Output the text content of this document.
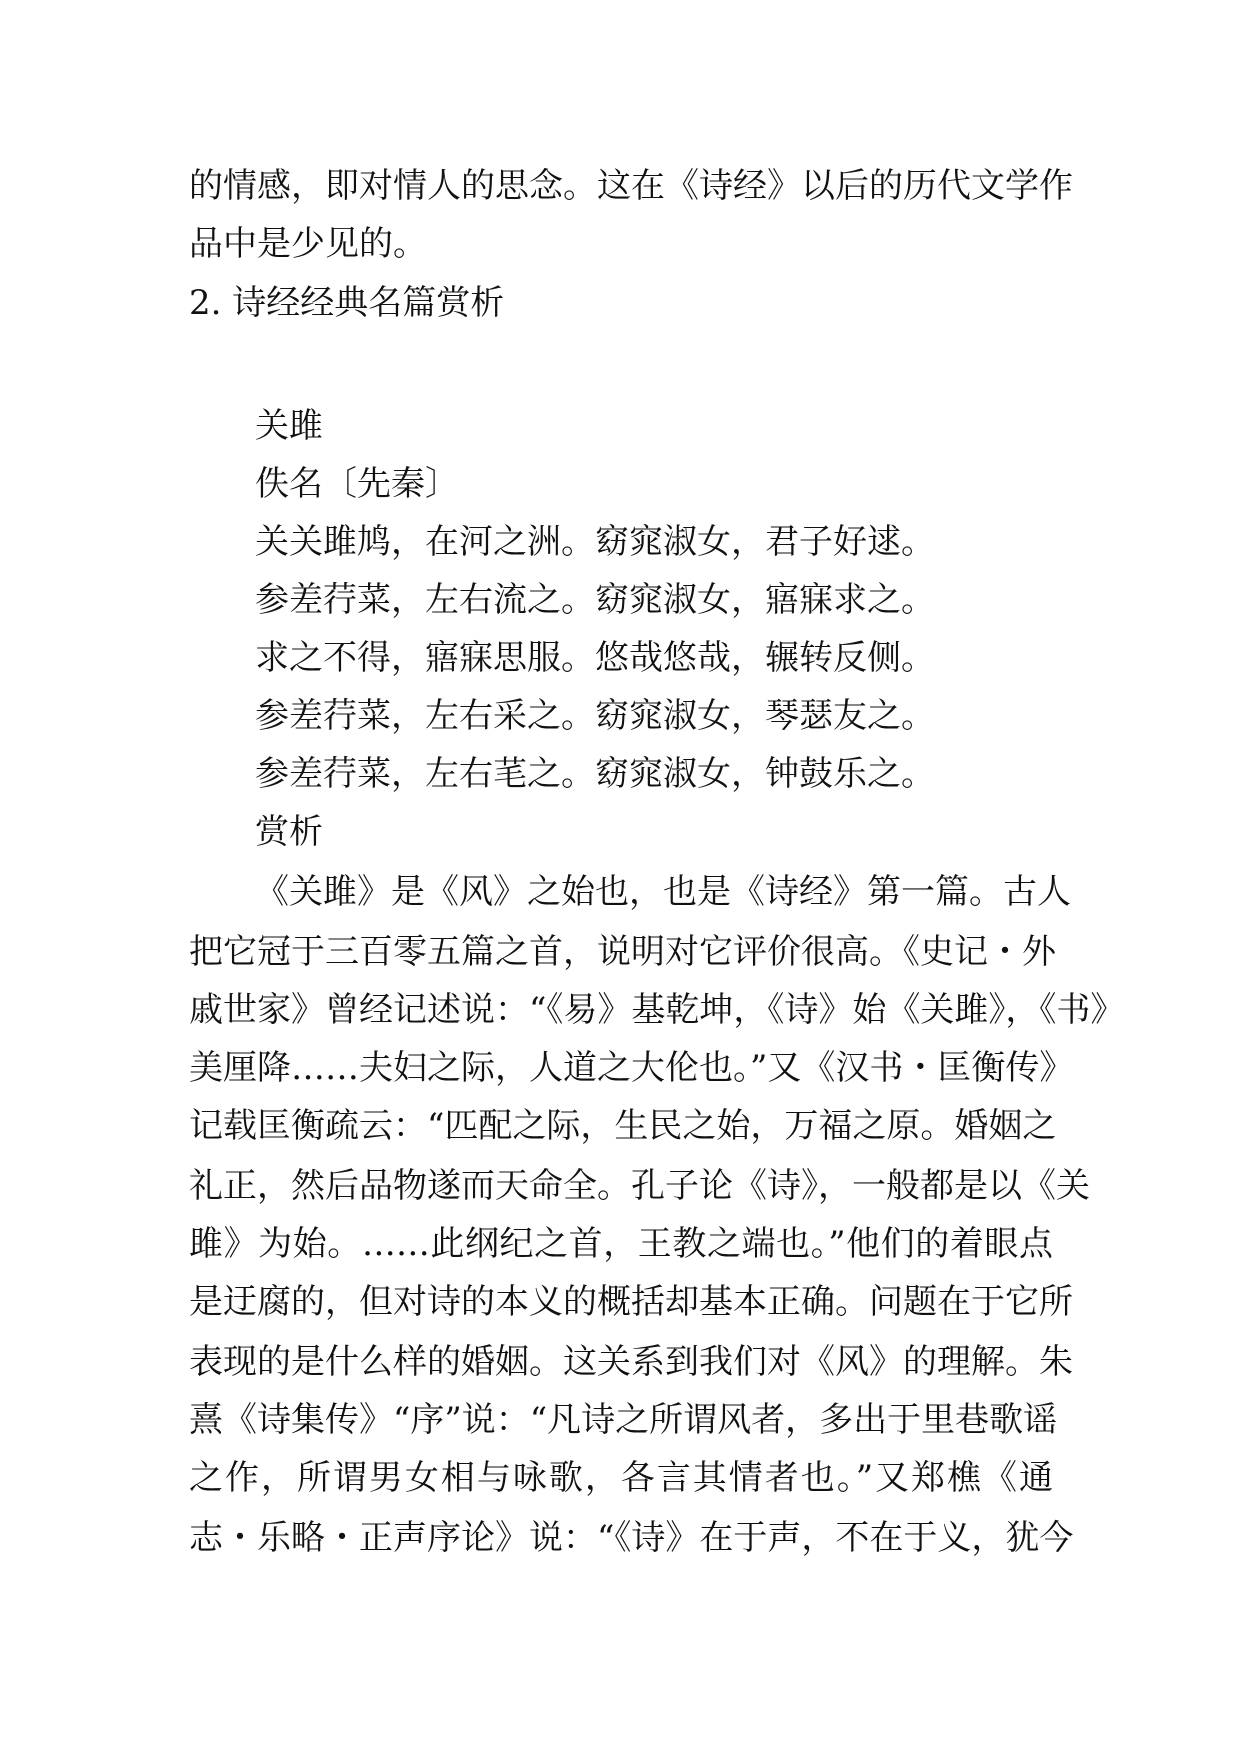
的情感，即对情人的思念。这在《诗经》以后的历代文学作
品中是少见的。
2. 诗经经典名篇赏析
关雎
佚名〔先秦〕
关关雎鸠，在河之洲。窈窕淑女，君子好逑。
参差荇菜，左右流之。窈窕淑女，寤寐求之。
求之不得，寤寐思服。悠哉悠哉，辗转反侧。
参差荇菜，左右采之。窈窕淑女，琴瑟友之。
参差荇菜，左右芼之。窈窕淑女，钟鼓乐之。
赏析
《关雎》是《风》之始也，也是《诗经》第一篇。古人
把它冠于三百零五篇之首，说明对它评价很高。《史记・外
戚世家》曾经记述说：“《易》基乾坤，《诗》始《关雎》，《书》
美厘降……夫妇之际，人道之大伦也。”又《汉书・匡衡传》
记载匡衡疏云：“匹配之际，生民之始，万福之原。婚姻之
礼正，然后品物遂而天命全。孔子论《诗》，一般都是以《关
雎》为始。……此纲纪之首，王教之端也。”他们的着眼点
是迂腐的，但对诗的本义的概括却基本正确。问题在于它所
表现的是什么样的婚姻。这关系到我们对《风》的理解。朱
熹《诗集传》“序”说：“凡诗之所谓风者，多出于里巷歌谣
之作，所谓男女相与咏歌，各言其情者也。”又郑樵《通
志・乐略・正声序论》说：“《诗》在于声，不在于义，犹今
